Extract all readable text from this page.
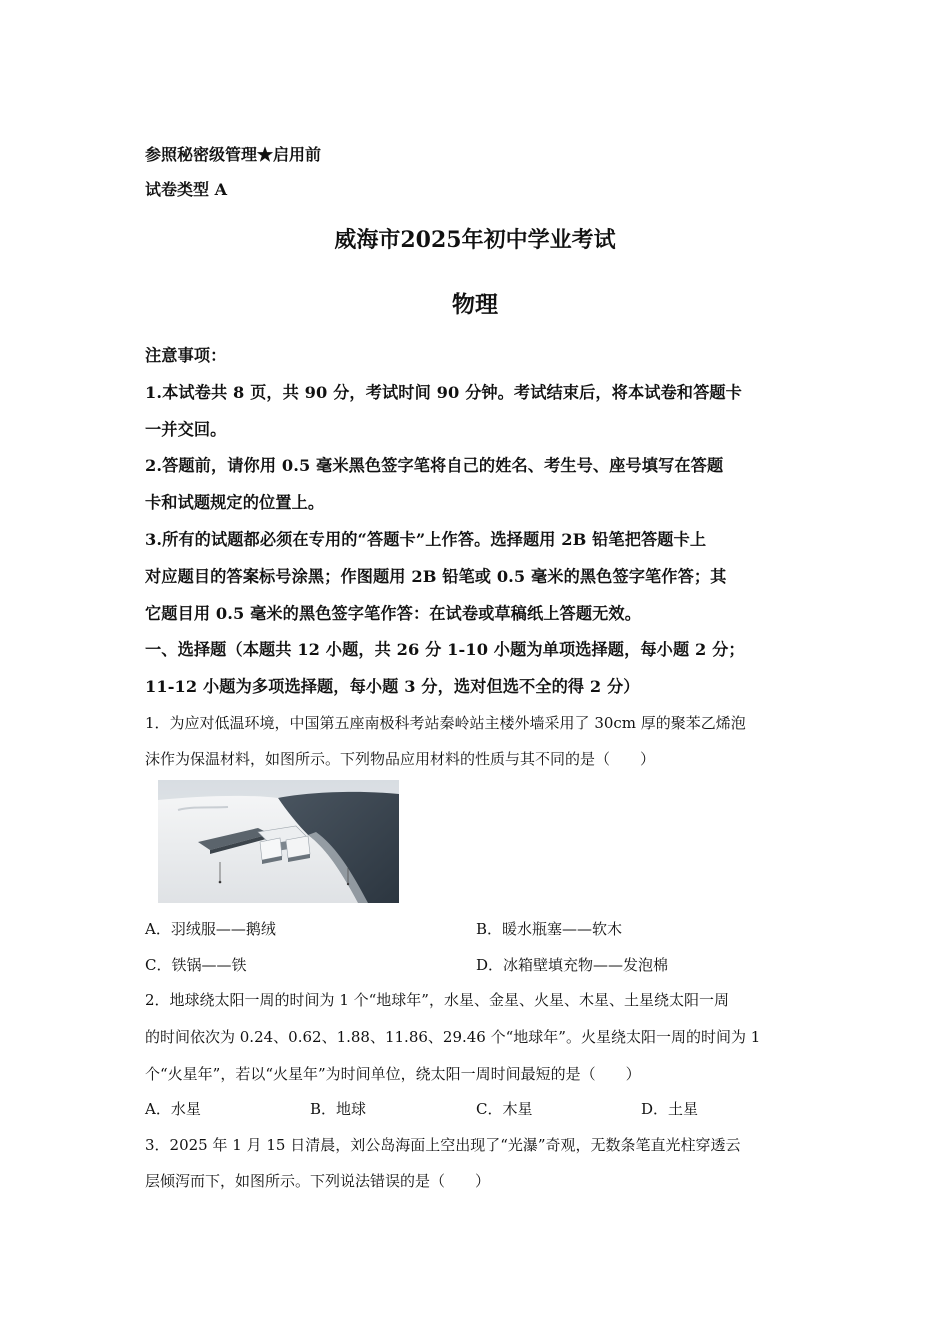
参照秘密级管理★启用前
试卷类型 A
威海市2025年初中学业考试
物理
注意事项：
1.本试卷共 8 页，共 90 分，考试时间 90 分钟。考试结束后，将本试卷和答题卡
一并交回。
2.答题前，请你用 0.5 毫米黑色签字笔将自己的姓名、考生号、座号填写在答题
卡和试题规定的位置上。
3.所有的试题都必须在专用的“答题卡”上作答。选择题用 2B 铅笔把答题卡上
对应题目的答案标号涂黑；作图题用 2B 铅笔或 0.5 毫米的黑色签字笔作答；其
它题目用 0.5 毫米的黑色签字笔作答：在试卷或草稿纸上答题无效。
一、选择题（本题共 12 小题，共 26 分 1-10 小题为单项选择题，每小题 2 分；
11-12 小题为多项选择题，每小题 3 分，选对但选不全的得 2 分）
1．为应对低温环境，中国第五座南极科考站秦岭站主楼外墙采用了 30cm 厚的聚苯乙烯泡
沫作为保温材料，如图所示。下列物品应用材料的性质与其不同的是（　　）
A．羽绒服——鹅绒	B．暖水瓶塞——软木
C．铁锅——铁	D．冰箱壁填充物——发泡棉
2．地球绕太阳一周的时间为 1 个“地球年”，水星、金星、火星、木星、土星绕太阳一周
的时间依次为 0.24、0.62、1.88、11.86、29.46 个“地球年”。火星绕太阳一周的时间为 1
个“火星年”，若以“火星年”为时间单位，绕太阳一周时间最短的是（　　）
A．水星	B．地球	C．木星	D．土星
3．2025 年 1 月 15 日清晨，刘公岛海面上空出现了“光瀑”奇观，无数条笔直光柱穿透云
层倾泻而下，如图所示。下列说法错误的是（　　）
